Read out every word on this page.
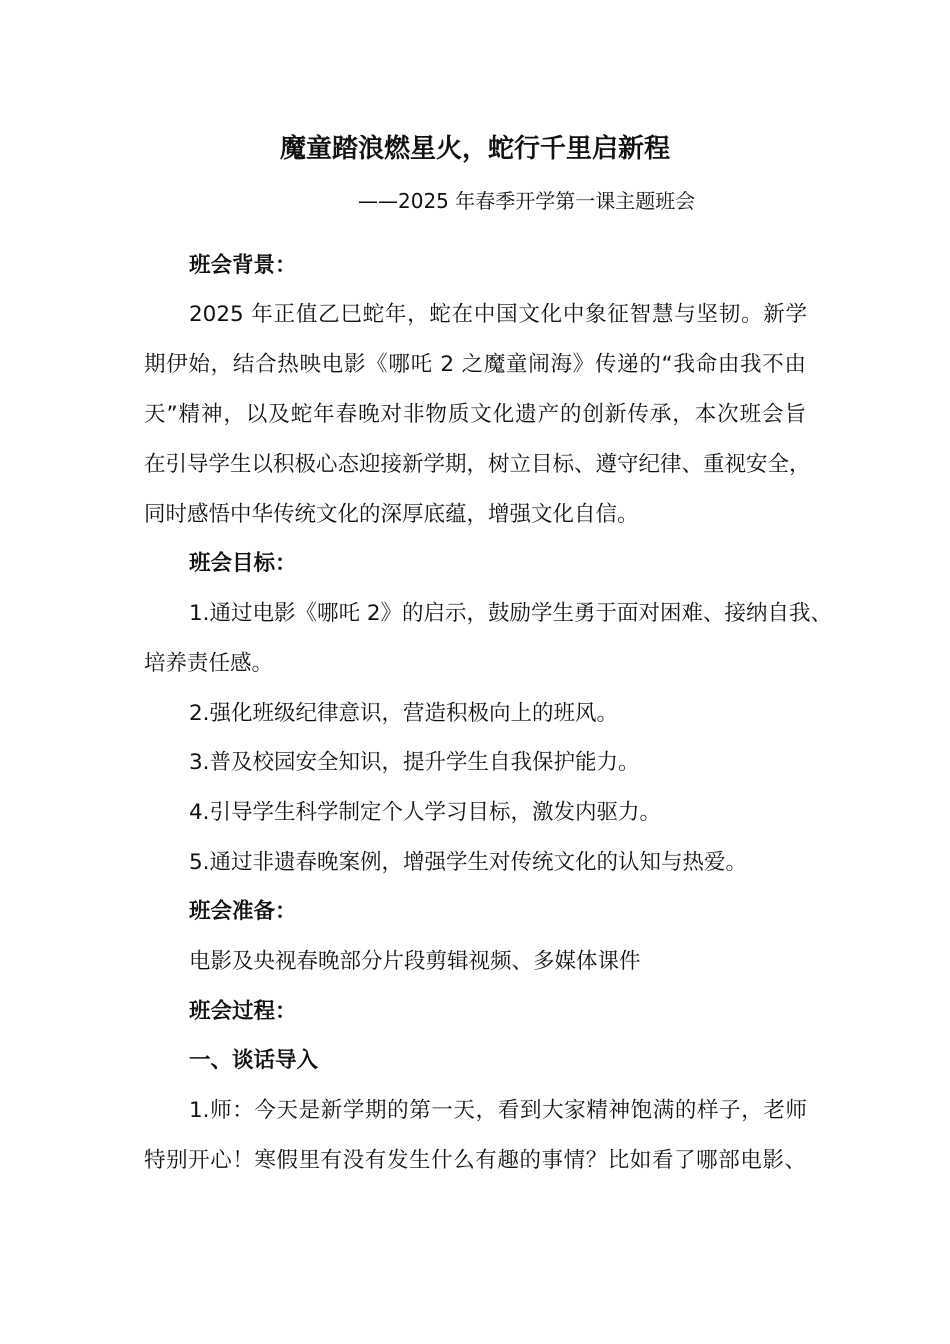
魔童踏浪燃星火，蛇行千里启新程
——2025 年春季开学第一课主题班会
班会背景：
2025 年正值乙巳蛇年，蛇在中国文化中象征智慧与坚韧。新学
期伊始，结合热映电影《哪吒 2 之魔童闹海》传递的“我命由我不由
天”精神，以及蛇年春晚对非物质文化遗产的创新传承，本次班会旨
在引导学生以积极心态迎接新学期，树立目标、遵守纪律、重视安全，
同时感悟中华传统文化的深厚底蕴，增强文化自信。
班会目标：
1.通过电影《哪吒 2》的启示，鼓励学生勇于面对困难、接纳自我、
培养责任感。
2.强化班级纪律意识，营造积极向上的班风。
3.普及校园安全知识，提升学生自我保护能力。
4.引导学生科学制定个人学习目标，激发内驱力。
5.通过非遗春晚案例，增强学生对传统文化的认知与热爱。
班会准备：
电影及央视春晚部分片段剪辑视频、多媒体课件
班会过程：
一、谈话导入
1.师：今天是新学期的第一天，看到大家精神饱满的样子，老师
特别开心！寒假里有没有发生什么有趣的事情？比如看了哪部电影、
